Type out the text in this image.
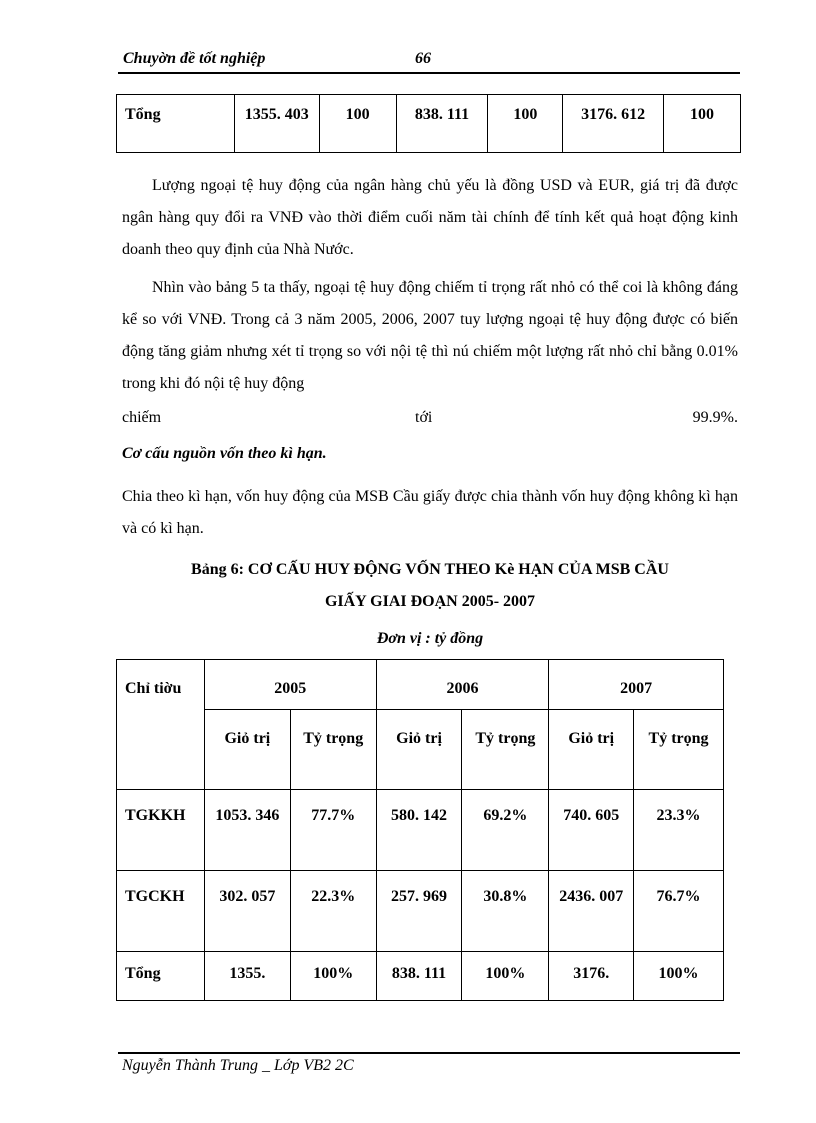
Chuyờn đề tốt nghiệp	66
Tổng	1355. 403	100	838. 111	100	3176. 612	100
Lượng ngoại tệ huy động của ngân hàng chủ yếu là đồng USD và EUR, giá trị đã được ngân hàng quy đổi ra VNĐ vào thời điểm cuối năm tài chính để tính kết quả hoạt động kinh doanh theo quy định của Nhà Nước.
Nhìn vào bảng 5 ta thấy, ngoại tệ huy động chiếm tỉ trọng rất nhỏ có thể coi là không đáng kể so với VNĐ. Trong cả 3 năm 2005, 2006, 2007 tuy lượng ngoại tệ huy động được có biến động tăng giảm nhưng xét tỉ trọng so với nội tệ thì nú chiếm một lượng rất nhỏ chỉ bằng 0.01% trong khi đó nội tệ huy động
chiếm	tới	99.9%.
Cơ cấu nguồn vốn theo kì hạn.
Chia theo kì hạn, vốn huy động của MSB Cầu giấy được chia thành vốn huy động không kì hạn và có kì hạn.
Bảng 6: CƠ CẤU HUY ĐỘNG VỐN THEO Kè HẠN CỦA MSB CẦU
GIẤY GIAI ĐOẠN 2005- 2007
Đơn vị : tỷ đồng
Chỉ tiờu	2005		2006		2007	
	Giỏ trị	Tỷ trọng	Giỏ trị	Tỷ trọng	Giỏ trị	Tỷ trọng
TGKKH	1053. 346	77.7%	580. 142	69.2%	740. 605	23.3%
TGCKH	302. 057	22.3%	257. 969	30.8%	2436. 007	76.7%
Tổng	1355.	100%	838. 111	100%	3176.	100%
Nguyễn Thành Trung _ Lớp VB2 2C
